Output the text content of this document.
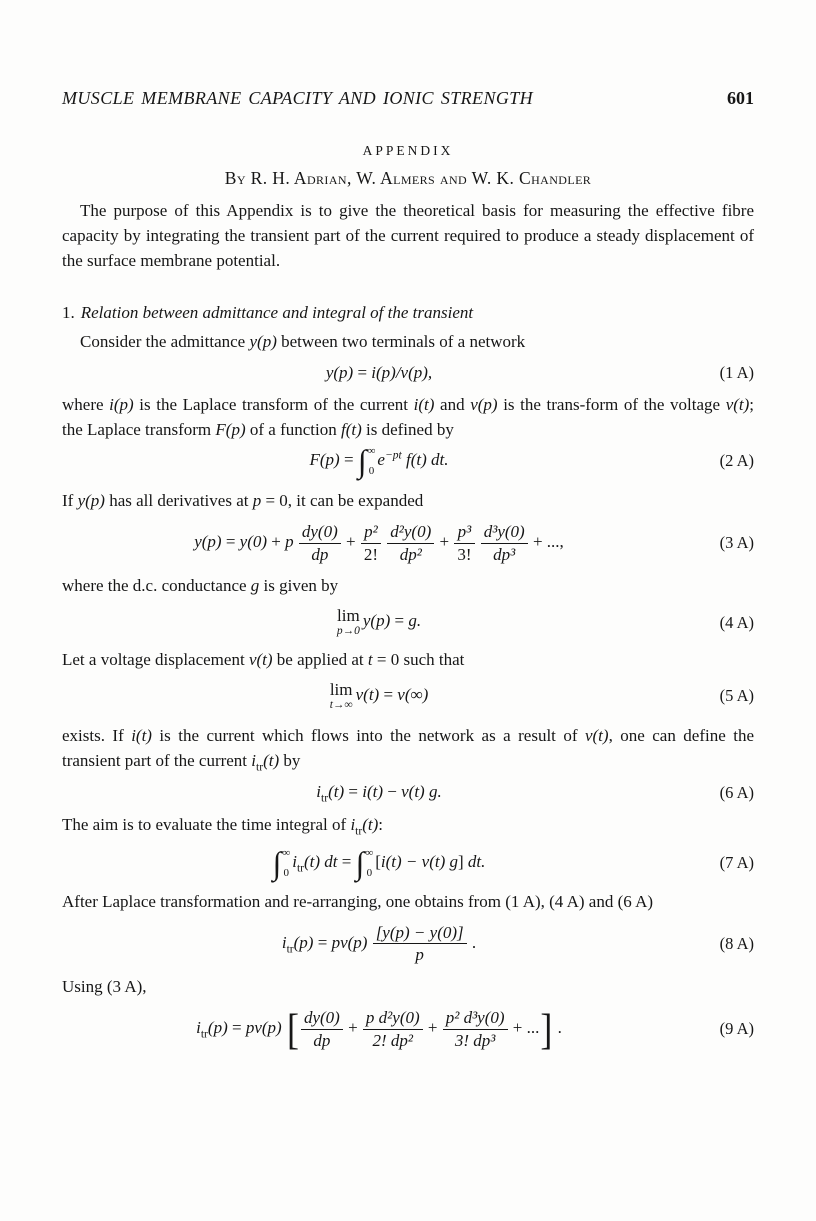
MUSCLE MEMBRANE CAPACITY AND IONIC STRENGTH	601
APPENDIX
By R. H. Adrian, W. Almers and W. K. Chandler

The purpose of this Appendix is to give the theoretical basis for measuring the effective fibre capacity by integrating the transient part of the current required to produce a steady displacement of the surface membrane potential.

1. Relation between admittance and integral of the transient

Consider the admittance y(p) between two terminals of a network

y(p) = i(p)/v(p),	(1 A)

where i(p) is the Laplace transform of the current i(t) and v(p) is the trans-form of the voltage v(t); the Laplace transform F(p) of a function f(t) is defined by

F(p) = ∫ ∞
0
$e^{-pt}$ f(t) dt.	(2 A)

If y(p) has all derivatives at p = 0, it can be expanded

y(p) = y(0) + p $\frac{dy(0)}{dp} + \frac{\text{p²}}{2!}$
$\frac{\text{d²y(0)}}{\text{dp²}} + \frac{\text{p³}}{3!}$
$\frac{\text{d³y(0)}}{\text{dp³}}$ + ...,	(3 A)

where the d.c. conductance g is given by

lim
p→0
y(p) = g.	(4 A)

Let a voltage displacement v(t) be applied at t = 0 such that

lim
t→∞
v(t) = v(∞)	(5 A)

exists. If i(t) is the current which flows into the network as a result of v(t), one can define the transient part of the current $i_{tr}(t)$ by

$i_{tr}(t) = i(t) - v(t)$ g.	(6 A)

The aim is to evaluate the time integral of $i_{tr}(t)$:

∫ ∞
0
$i_{tr}(t)$ dt = ∫ ∞
0
[i(t) − v(t) g] dt.	(7 A)

After Laplace transformation and re-arranging, one obtains from (1 A), (4 A) and (6 A)

$i_{tr}(p) = pv(p) \frac{[y(p) - y(0)]}{p}$ .	(8 A)

Using (3 A),

$i_{tr}(p) = pv(p)$ [ $\frac{dy(0)}{dp} + \frac{\text{p d²y(0)}}{\text{2! dp²}} + \frac{\text{p² d³y(0)}}{\text{3! dp³}}$ + ...] .	(9 A)
